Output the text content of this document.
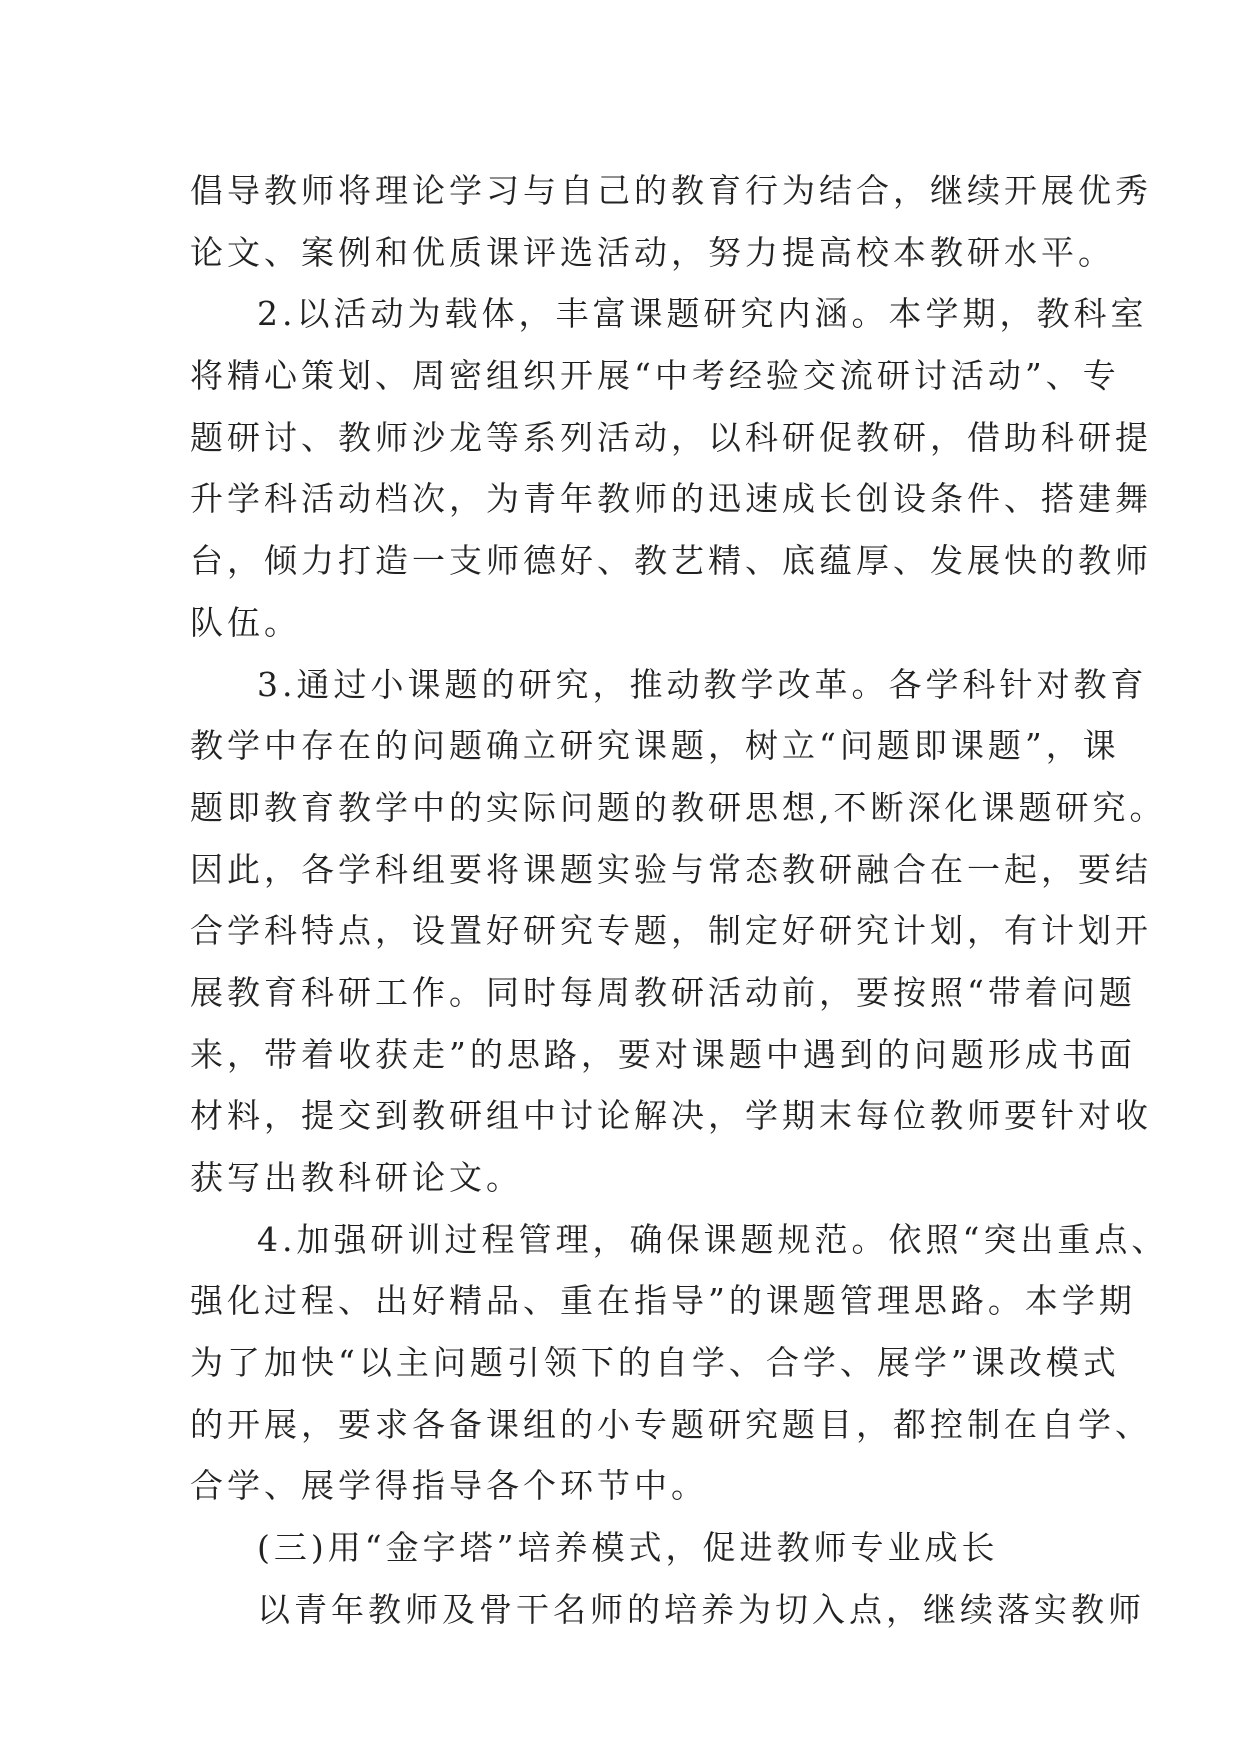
倡导教师将理论学习与自己的教育行为结合，继续开展优秀
论文、案例和优质课评选活动，努力提高校本教研水平。
2.以活动为载体，丰富课题研究内涵。本学期，教科室
将精心策划、周密组织开展“中考经验交流研讨活动”、专
题研讨、教师沙龙等系列活动，以科研促教研，借助科研提
升学科活动档次，为青年教师的迅速成长创设条件、搭建舞
台，倾力打造一支师德好、教艺精、底蕴厚、发展快的教师
队伍。
3.通过小课题的研究，推动教学改革。各学科针对教育
教学中存在的问题确立研究课题，树立“问题即课题”，课
题即教育教学中的实际问题的教研思想,不断深化课题研究。
因此，各学科组要将课题实验与常态教研融合在一起，要结
合学科特点，设置好研究专题，制定好研究计划，有计划开
展教育科研工作。同时每周教研活动前，要按照“带着问题
来，带着收获走”的思路，要对课题中遇到的问题形成书面
材料，提交到教研组中讨论解决，学期末每位教师要针对收
获写出教科研论文。
4.加强研训过程管理，确保课题规范。依照“突出重点、
强化过程、出好精品、重在指导”的课题管理思路。本学期
为了加快“以主问题引领下的自学、合学、展学”课改模式
的开展，要求各备课组的小专题研究题目，都控制在自学、
合学、展学得指导各个环节中。
(三)用“金字塔”培养模式，促进教师专业成长
以青年教师及骨干名师的培养为切入点，继续落实教师
